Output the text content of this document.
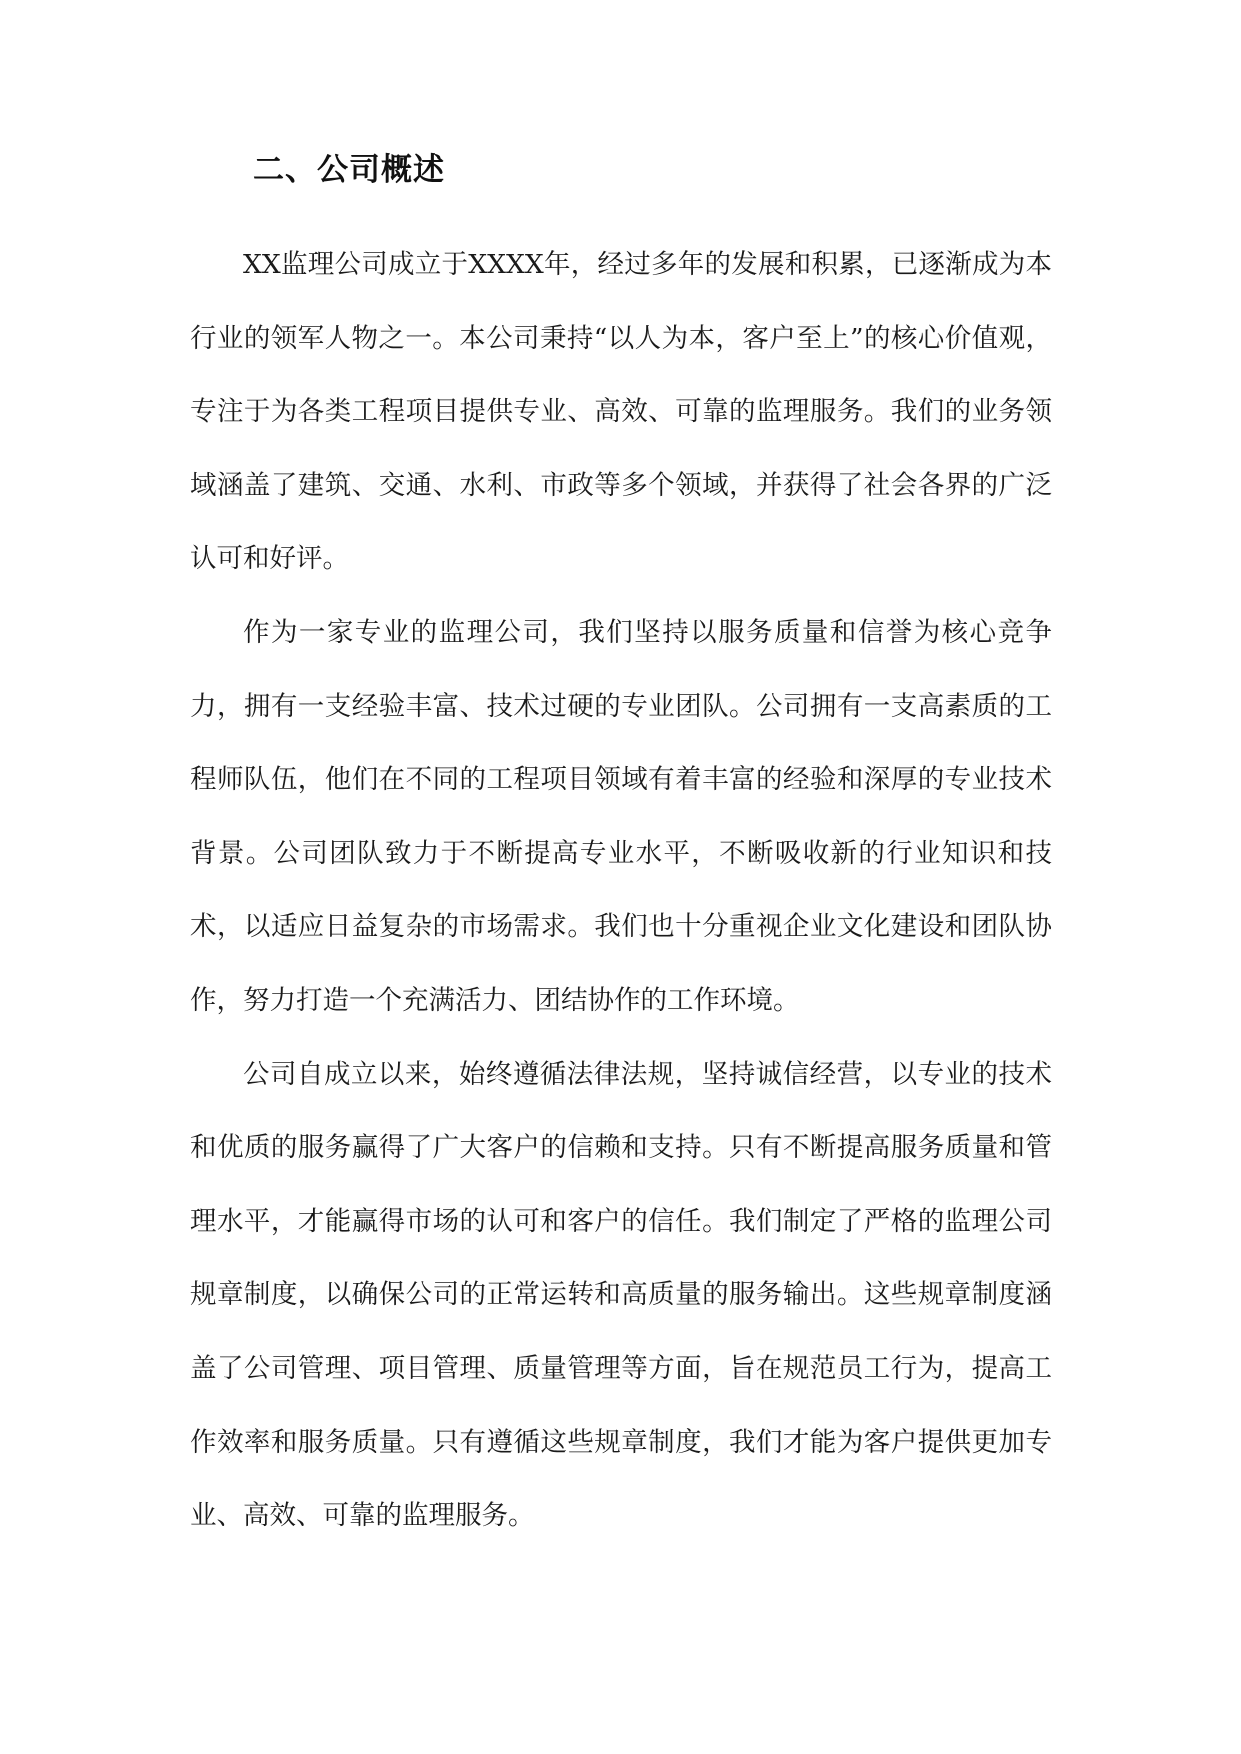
二、公司概述

XX监理公司成立于XXXX年，经过多年的发展和积累，已逐渐成为本行业的领军人物之一。本公司秉持“以人为本，客户至上”的核心价值观，专注于为各类工程项目提供专业、高效、可靠的监理服务。我们的业务领域涵盖了建筑、交通、水利、市政等多个领域，并获得了社会各界的广泛认可和好评。

作为一家专业的监理公司，我们坚持以服务质量和信誉为核心竞争力，拥有一支经验丰富、技术过硬的专业团队。公司拥有一支高素质的工程师队伍，他们在不同的工程项目领域有着丰富的经验和深厚的专业技术背景。公司团队致力于不断提高专业水平，不断吸收新的行业知识和技术，以适应日益复杂的市场需求。我们也十分重视企业文化建设和团队协作，努力打造一个充满活力、团结协作的工作环境。

公司自成立以来，始终遵循法律法规，坚持诚信经营，以专业的技术和优质的服务赢得了广大客户的信赖和支持。只有不断提高服务质量和管理水平，才能赢得市场的认可和客户的信任。我们制定了严格的监理公司规章制度，以确保公司的正常运转和高质量的服务输出。这些规章制度涵盖了公司管理、项目管理、质量管理等方面，旨在规范员工行为，提高工作效率和服务质量。只有遵循这些规章制度，我们才能为客户提供更加专业、高效、可靠的监理服务。
